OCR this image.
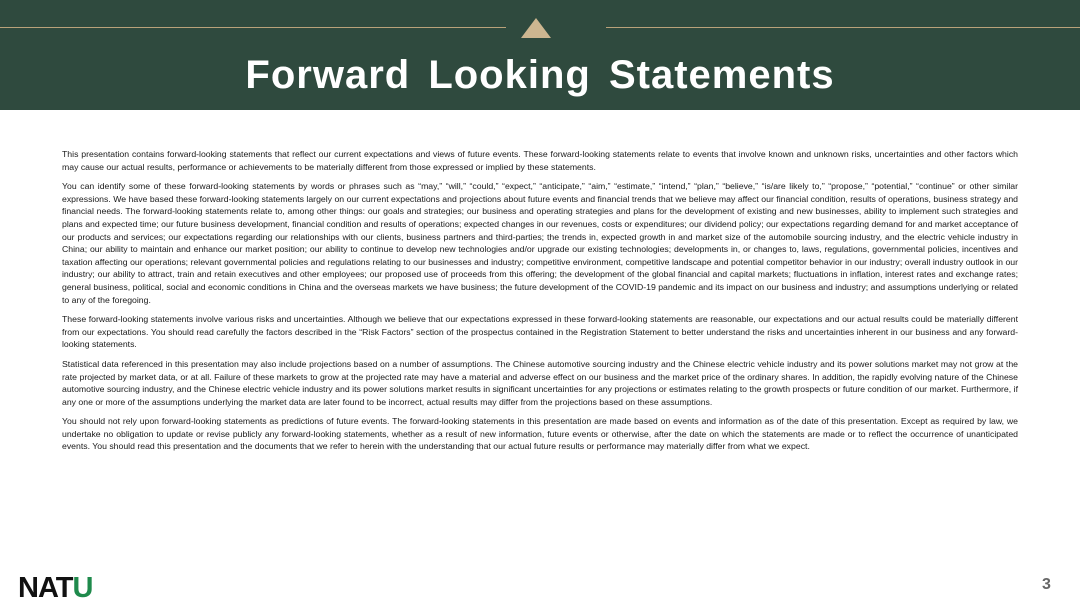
Forward Looking Statements

This presentation contains forward-looking statements that reflect our current expectations and views of future events. These forward-looking statements relate to events that involve known and unknown risks, uncertainties and other factors which may cause our actual results, performance or achievements to be materially different from those expressed or implied by these statements.

You can identify some of these forward-looking statements by words or phrases such as “may,” “will,” “could,” “expect,” “anticipate,” “aim,” “estimate,” “intend,” “plan,” “believe,” “is/are likely to,” “propose,” “potential,” “continue” or other similar expressions. We have based these forward-looking statements largely on our current expectations and projections about future events and financial trends that we believe may affect our financial condition, results of operations, business strategy and financial needs. The forward-looking statements relate to, among other things: our goals and strategies; our business and operating strategies and plans for the development of existing and new businesses, ability to implement such strategies and plans and expected time; our future business development, financial condition and results of operations; expected changes in our revenues, costs or expenditures; our dividend policy; our expectations regarding demand for and market acceptance of our products and services; our expectations regarding our relationships with our clients, business partners and third-parties; the trends in, expected growth in and market size of the automobile sourcing industry, and the electric vehicle industry in China; our ability to maintain and enhance our market position; our ability to continue to develop new technologies and/or upgrade our existing technologies; developments in, or changes to, laws, regulations, governmental policies, incentives and taxation affecting our operations; relevant governmental policies and regulations relating to our businesses and industry; competitive environment, competitive landscape and potential competitor behavior in our industry; overall industry outlook in our industry; our ability to attract, train and retain executives and other employees; our proposed use of proceeds from this offering; the development of the global financial and capital markets; fluctuations in inflation, interest rates and exchange rates; general business, political, social and economic conditions in China and the overseas markets we have business; the future development of the COVID-19 pandemic and its impact on our business and industry; and assumptions underlying or related to any of the foregoing.

These forward-looking statements involve various risks and uncertainties. Although we believe that our expectations expressed in these forward-looking statements are reasonable, our expectations and our actual results could be materially different from our expectations. You should read carefully the factors described in the “Risk Factors” section of the prospectus contained in the Registration Statement to better understand the risks and uncertainties inherent in our business and any forward-looking statements.

Statistical data referenced in this presentation may also include projections based on a number of assumptions. The Chinese automotive sourcing industry and the Chinese electric vehicle industry and its power solutions market may not grow at the rate projected by market data, or at all. Failure of these markets to grow at the projected rate may have a material and adverse effect on our business and the market price of the ordinary shares. In addition, the rapidly evolving nature of the Chinese automotive sourcing industry, and the Chinese electric vehicle industry and its power solutions market results in significant uncertainties for any projections or estimates relating to the growth prospects or future condition of our market. Furthermore, if any one or more of the assumptions underlying the market data are later found to be incorrect, actual results may differ from the projections based on these assumptions.

You should not rely upon forward-looking statements as predictions of future events. The forward-looking statements in this presentation are made based on events and information as of the date of this presentation. Except as required by law, we undertake no obligation to update or revise publicly any forward-looking statements, whether as a result of new information, future events or otherwise, after the date on which the statements are made or to reflect the occurrence of unanticipated events. You should read this presentation and the documents that we refer to herein with the understanding that our actual future results or performance may materially differ from what we expect.

NATU	3
